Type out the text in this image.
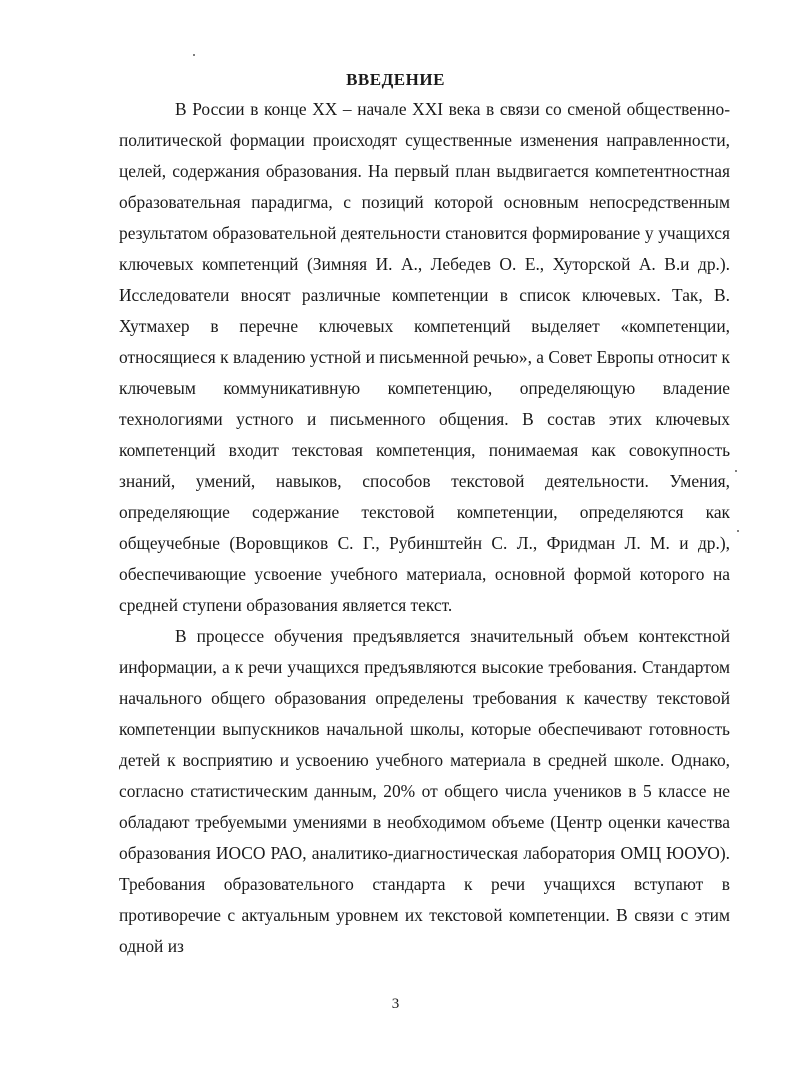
ВВЕДЕНИЕ

В России в конце XX – начале XXI века в связи со сменой общественно-политической формации происходят существенные изменения направленности, целей, содержания образования. На первый план выдвигается компетентностная образовательная парадигма, с позиций которой основным непосредственным результатом образовательной деятельности становится формирование у учащихся ключевых компетенций (Зимняя И. А., Лебедев О. Е., Хуторской А. В.и др.). Исследователи вносят различные компетенции в список ключевых. Так, В. Хутмахер в перечне ключевых компетенций выделяет «компетенции, относящиеся к владению устной и письменной речью», а Совет Европы относит к ключевым коммуникативную компетенцию, определяющую владение технологиями устного и письменного общения. В состав этих ключевых компетенций входит текстовая компетенция, понимаемая как совокупность знаний, умений, навыков, способов текстовой деятельности. Умения, определяющие содержание текстовой компетенции, определяются как общеучебные (Воровщиков С. Г., Рубинштейн С. Л., Фридман Л. М. и др.), обеспечивающие усвоение учебного материала, основной формой которого на средней ступени образования является текст.

В процессе обучения предъявляется значительный объем контекстной информации, а к речи учащихся предъявляются высокие требования. Стандартом начального общего образования определены требования к качеству текстовой компетенции выпускников начальной школы, которые обеспечивают готовность детей к восприятию и усвоению учебного материала в средней школе. Однако, согласно статистическим данным, 20% от общего числа учеников в 5 классе не обладают требуемыми умениями в необходимом объеме (Центр оценки качества образования ИОСО РАО, аналитико-диагностическая лаборатория ОМЦ ЮОУО). Требования образовательного стандарта к речи учащихся вступают в противоречие с актуальным уровнем их текстовой компетенции. В связи с этим одной из

3
